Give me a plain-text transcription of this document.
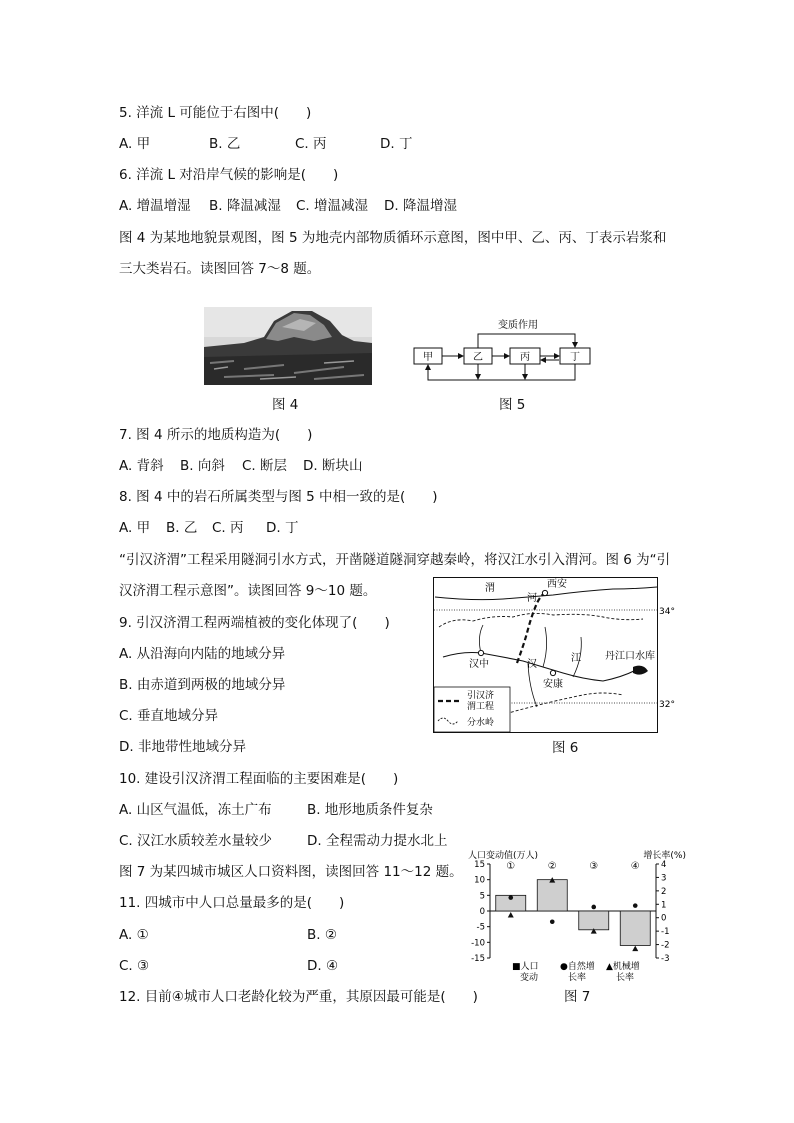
5. 洋流 L 可能位于右图中(　　)
A. 甲	B. 乙	C. 丙	D. 丁
6. 洋流 L 对沿岸气候的影响是(　　)
A. 增温增湿 B. 降温减湿 C. 增温减湿 D. 降温增湿
图 4 为某地地貌景观图，图 5 为地壳内部物质循环示意图，图中甲、乙、丙、丁表示岩浆和
三大类岩石。读图回答 7～8 题。
图 4
变质作用
甲	乙	丙	丁
图 5
7. 图 4 所示的地质构造为(　　)
A. 背斜 B. 向斜 C. 断层 D. 断块山
8. 图 4 中的岩石所属类型与图 5 中相一致的是(　　)
A. 甲 B. 乙 C. 丙 D. 丁
“引汉济渭”工程采用隧洞引水方式，开凿隧道隧洞穿越秦岭，将汉江水引入渭河。图 6 为“引
汉济渭工程示意图”。读图回答 9～10 题。	渭
河
西安
汉中	汉
江
安康
丹江口水库
34°
32°
引汉济
渭工程
分水岭
图 6
9. 引汉济渭工程两端植被的变化体现了(　　)
A. 从沿海向内陆的地域分异
B. 由赤道到两极的地域分异
C. 垂直地域分异
D. 非地带性地域分异
10. 建设引汉济渭工程面临的主要困难是(　　)
A. 山区气温低，冻土广布	B. 地形地质条件复杂
C. 汉江水质较差水量较少	D. 全程需动力提水北上
图 7 为某四城市城区人口资料图，读图回答 11～12 题。
11. 四城市中人口总量最多的是(　　)
A. ①	B. ②
C. ③	D. ④
12. 目前④城市人口老龄化较为严重，其原因最可能是(　　)
人口变动值(万人)	增长率(%)
15
10
5
0
-5
-10
-15
4
3
2
1
0
-1
-2
-3
①	②	③	④
■人口
变动
●自然增
长率
▲机械增
长率
图 7
